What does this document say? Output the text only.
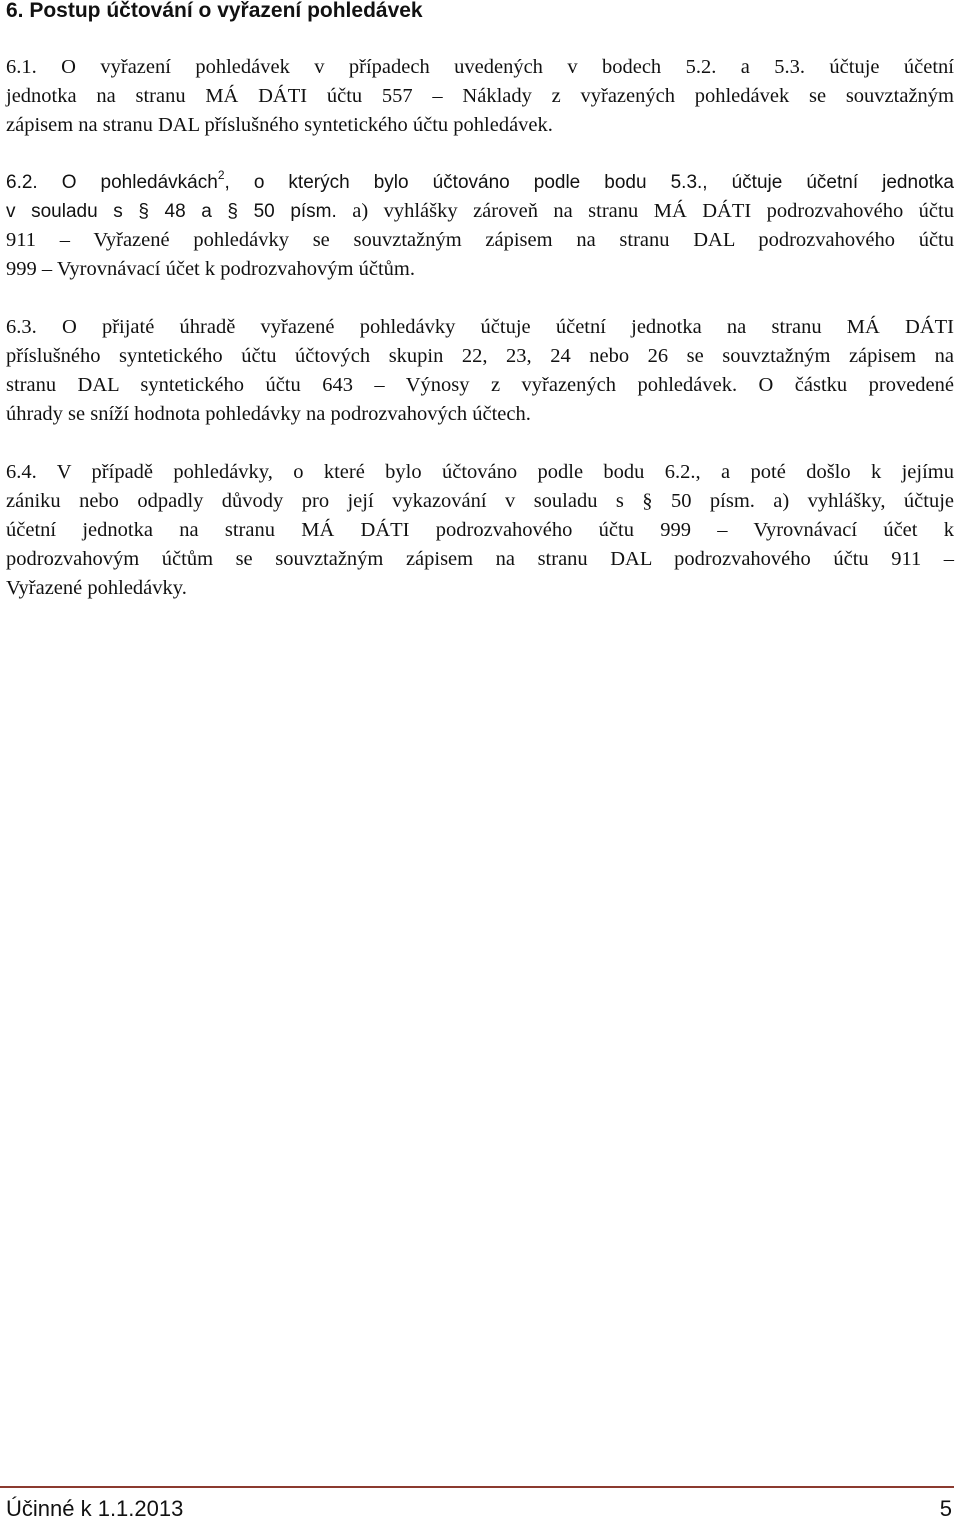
6. Postup účtování o vyřazení pohledávek

6.1. O vyřazení pohledávek v případech uvedených v bodech 5.2. a 5.3. účtuje účetní
jednotka na stranu MÁ DÁTI účtu 557 – Náklady z vyřazených pohledávek se souvztažným
zápisem na stranu DAL příslušného syntetického účtu pohledávek.

6.2. O pohledávkách$^2$, o kterých bylo účtováno podle bodu 5.3., účtuje účetní jednotka
v souladu s § 48 a § 50 písm. a) vyhlášky zároveň na stranu MÁ DÁTI podrozvahového účtu
911 – Vyřazené pohledávky se souvztažným zápisem na stranu DAL podrozvahového účtu
999 – Vyrovnávací účet k podrozvahovým účtům.

6.3. O přijaté úhradě vyřazené pohledávky účtuje účetní jednotka na stranu MÁ DÁTI
příslušného syntetického účtu účtových skupin 22, 23, 24 nebo 26 se souvztažným zápisem na
stranu DAL syntetického účtu 643 – Výnosy z vyřazených pohledávek. O částku provedené
úhrady se sníží hodnota pohledávky na podrozvahových účtech.

6.4. V případě pohledávky, o které bylo účtováno podle bodu 6.2., a poté došlo k jejímu
zániku nebo odpadly důvody pro její vykazování v souladu s § 50 písm. a) vyhlášky, účtuje
účetní jednotka na stranu MÁ DÁTI podrozvahového účtu 999 – Vyrovnávací účet k
podrozvahovým účtům se souvztažným zápisem na stranu DAL podrozvahového účtu 911 –
Vyřazené pohledávky.

Účinné k 1.1.2013	5
